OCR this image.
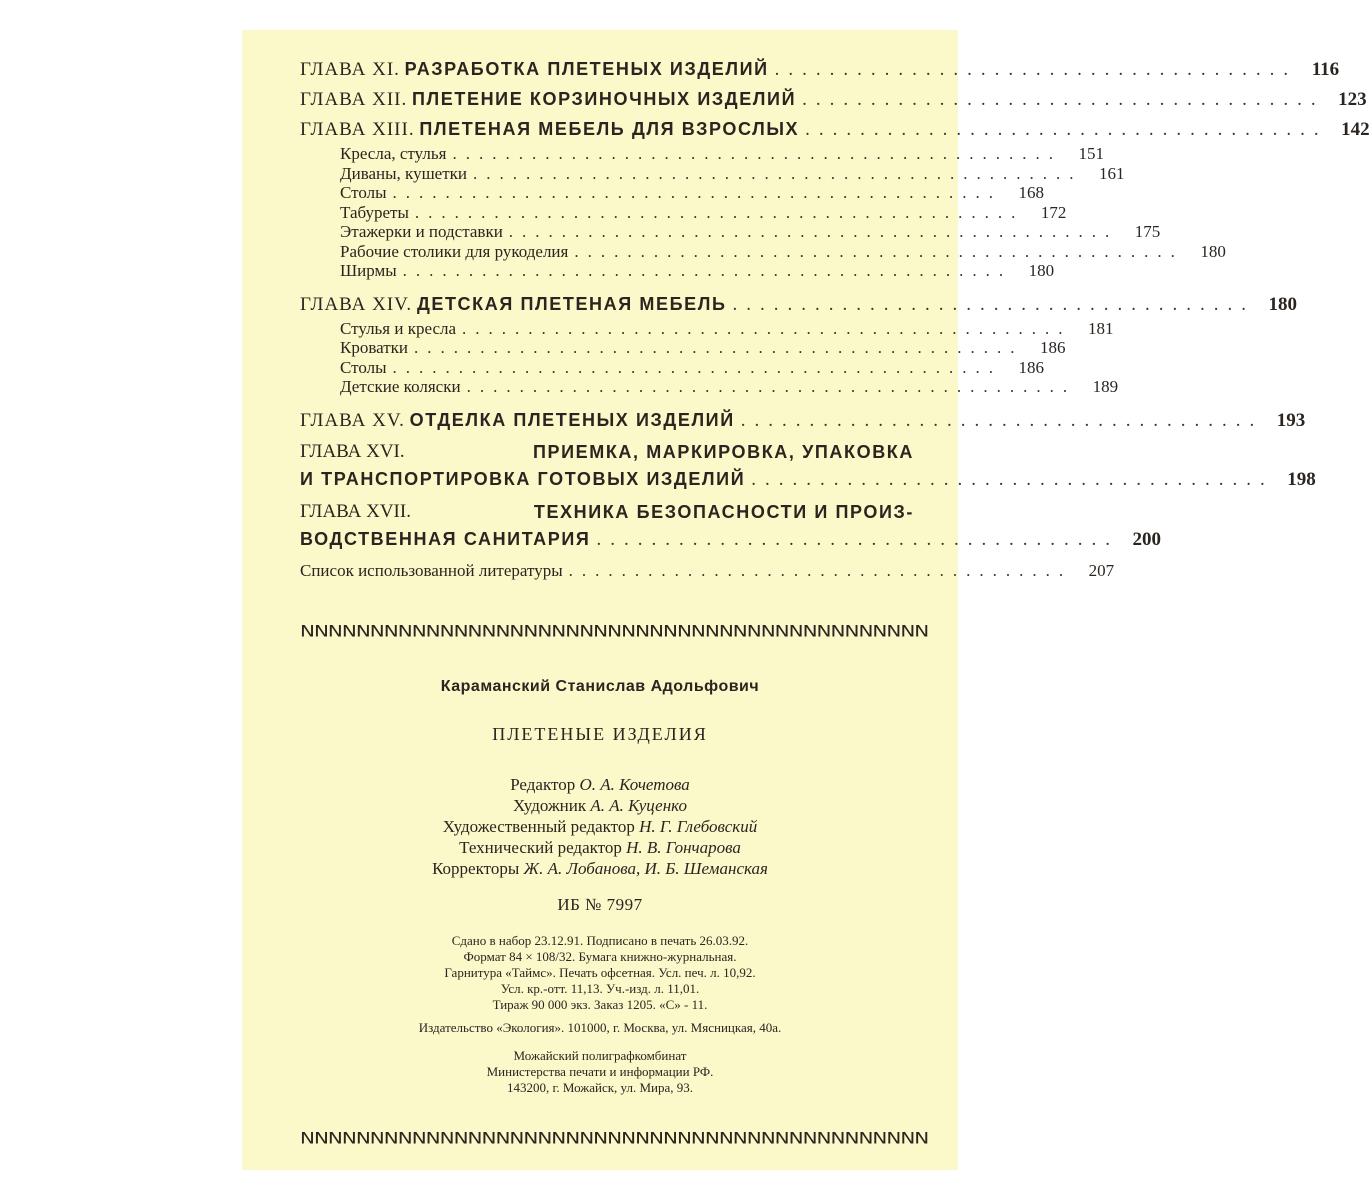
ГЛАВА XI. РАЗРАБОТКА ПЛЕТЕНЫХ ИЗДЕЛИЙ ...................................... 116
ГЛАВА XII. ПЛЕТЕНИЕ КОРЗИНОЧНЫХ ИЗДЕЛИЙ ...................................... 123
ГЛАВА XIII. ПЛЕТЕНАЯ МЕБЕЛЬ ДЛЯ ВЗРОСЛЫХ ...................................... 142
Кресла, стулья .............................................. 151
Диваны, кушетки .............................................. 161
Столы .............................................. 168
Табуреты .............................................. 172
Этажерки и подставки .............................................. 175
Рабочие столики для рукоделия .............................................. 180
Ширмы .............................................. 180
ГЛАВА XIV. ДЕТСКАЯ ПЛЕТЕНАЯ МЕБЕЛЬ ...................................... 180
Стулья и кресла .............................................. 181
Кроватки .............................................. 186
Столы .............................................. 186
Детские коляски .............................................. 189
ГЛАВА XV. ОТДЕЛКА ПЛЕТЕНЫХ ИЗДЕЛИЙ ...................................... 193
ГЛАВА XVI.	ПРИЕМКА, МАРКИРОВКА, УПАКОВКА
И ТРАНСПОРТИРОВКА ГОТОВЫХ ИЗДЕЛИЙ ...................................... 198
ГЛАВА XVII.	ТЕХНИКА БЕЗОПАСНОСТИ И ПРОИЗ-
ВОДСТВЕННАЯ САНИТАРИЯ ...................................... 200
Список использованной литературы ...................................... 207
NNNNNNNNNNNNNNNNNNNNNNNNNNNNNNNNNNNNNNNNNNNNN
Караманский Станислав Адольфович
ПЛЕТЕНЫЕ ИЗДЕЛИЯ
Редактор О. А. Кочетова
Художник А. А. Куценко
Художественный редактор Н. Г. Глебовский
Технический редактор Н. В. Гончарова
Корректоры Ж. А. Лобанова, И. Б. Шеманская
ИБ № 7997
Сдано в набор 23.12.91. Подписано в печать 26.03.92.
Формат 84 × 108/32. Бумага книжно-журнальная.
Гарнитура «Таймс». Печать офсетная. Усл. печ. л. 10,92.
Усл. кр.-отт. 11,13. Уч.-изд. л. 11,01.
Тираж 90 000 экз. Заказ 1205. «С» - 11.
Издательство «Экология». 101000, г. Москва, ул. Мясницкая, 40а.
Можайский полиграфкомбинат
Министерства печати и информации РФ.
143200, г. Можайск, ул. Мира, 93.
NNNNNNNNNNNNNNNNNNNNNNNNNNNNNNNNNNNNNNNNNNNNN
